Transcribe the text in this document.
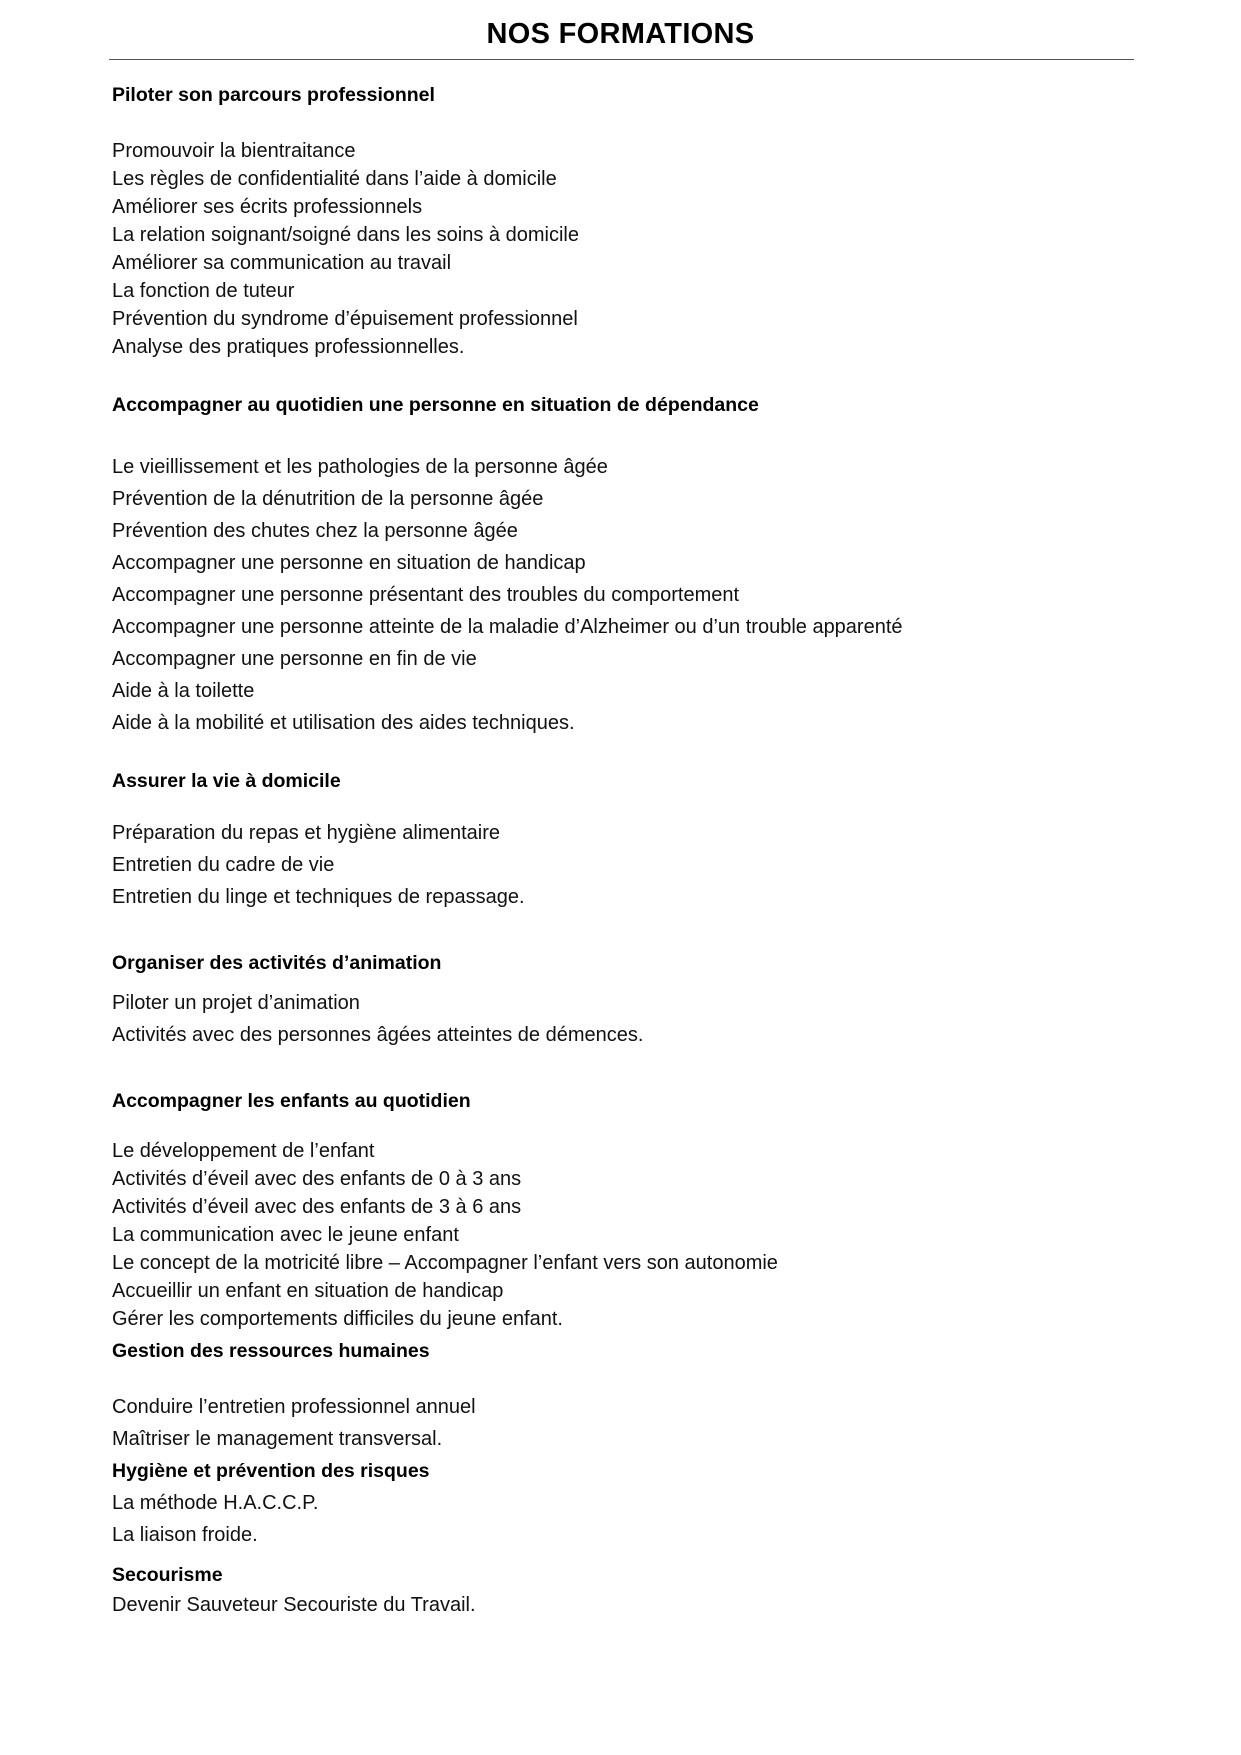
NOS FORMATIONS
Piloter son parcours professionnel
Promouvoir la bientraitance
Les règles de confidentialité dans l’aide à domicile
Améliorer ses écrits professionnels
La relation soignant/soigné dans les soins à domicile
Améliorer sa communication au travail
La fonction de tuteur
Prévention du syndrome d’épuisement professionnel
Analyse des pratiques professionnelles.
Accompagner au quotidien une personne en situation de dépendance
Le vieillissement et les pathologies de la personne âgée
Prévention de la dénutrition de la personne âgée
Prévention des chutes chez la personne âgée
Accompagner une personne en situation de handicap
Accompagner une personne présentant des troubles du comportement
Accompagner une personne atteinte de la maladie d’Alzheimer ou d’un trouble apparenté
Accompagner une personne en fin de vie
Aide à la toilette
Aide à la mobilité et utilisation des aides techniques.
Assurer la vie à domicile
Préparation du repas et hygiène alimentaire
Entretien du cadre de vie
Entretien du linge et techniques de repassage.
Organiser des activités d’animation
Piloter un projet d’animation
Activités avec des personnes âgées atteintes de démences.
Accompagner les enfants au quotidien
Le développement de l’enfant
Activités d’éveil avec des enfants de 0 à 3 ans
Activités d’éveil avec des enfants de 3 à 6 ans
La communication avec le jeune enfant
Le concept de la motricité libre – Accompagner l’enfant vers son autonomie
Accueillir un enfant en situation de handicap
Gérer les comportements difficiles du jeune enfant.
Gestion des ressources humaines
Conduire l’entretien professionnel annuel
Maîtriser le management transversal.
Hygiène et prévention des risques
La méthode H.A.C.C.P.
La liaison froide.
Secourisme
Devenir Sauveteur Secouriste du Travail.
